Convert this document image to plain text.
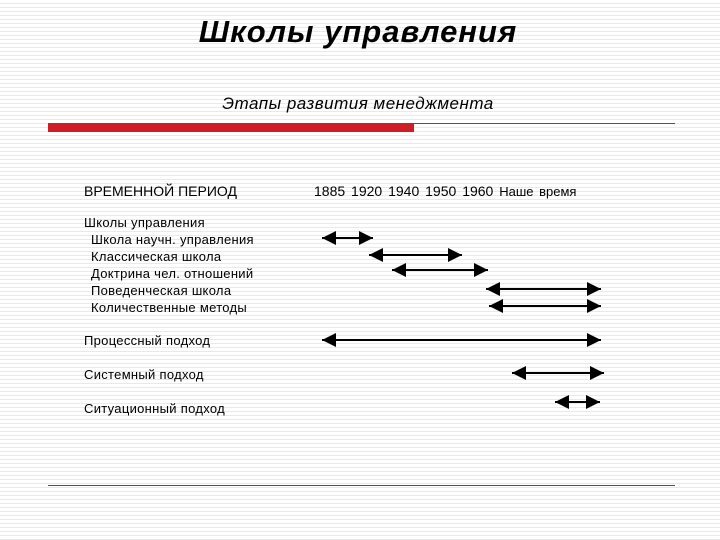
Школы управления
Этапы развития менеджмента
ВРЕМЕННОЙ ПЕРИОД	1885 1920 1940 1950 1960 Наше время
Школы управления
Школа научн. управления
Классическая школа
Доктрина чел. отношений
Поведенческая школа
Количественные методы
Процессный подход
Системный подход
Ситуационный подход
